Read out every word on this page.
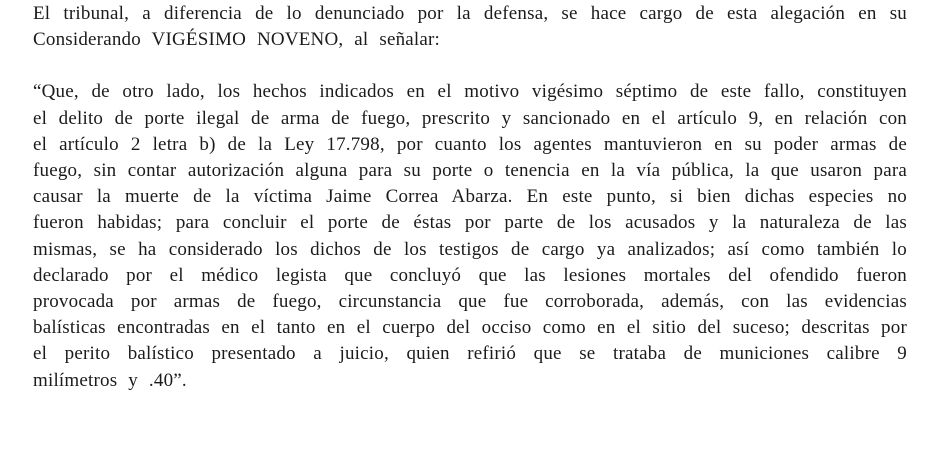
El tribunal, a diferencia de lo denunciado por la defensa, se hace cargo de esta alegación en su Considerando VIGÉSIMO NOVENO, al señalar:

“Que, de otro lado, los hechos indicados en el motivo vigésimo séptimo de este fallo, constituyen el delito de porte ilegal de arma de fuego, prescrito y sancionado en el artículo 9, en relación con el artículo 2 letra b) de la Ley 17.798, por cuanto los agentes mantuvieron en su poder armas de fuego, sin contar autorización alguna para su porte o tenencia en la vía pública, la que usaron para causar la muerte de la víctima Jaime Correa Abarza. En este punto, si bien dichas especies no fueron habidas; para concluir el porte de éstas por parte de los acusados y la naturaleza de las mismas, se ha considerado los dichos de los testigos de cargo ya analizados; así como también lo declarado por el médico legista que concluyó que las lesiones mortales del ofendido fueron provocada por armas de fuego, circunstancia que fue corroborada, además, con las evidencias balísticas encontradas en el tanto en el cuerpo del occiso como en el sitio del suceso; descritas por el perito balístico presentado a juicio, quien refirió que se trataba de municiones calibre 9 milímetros y .40”.
